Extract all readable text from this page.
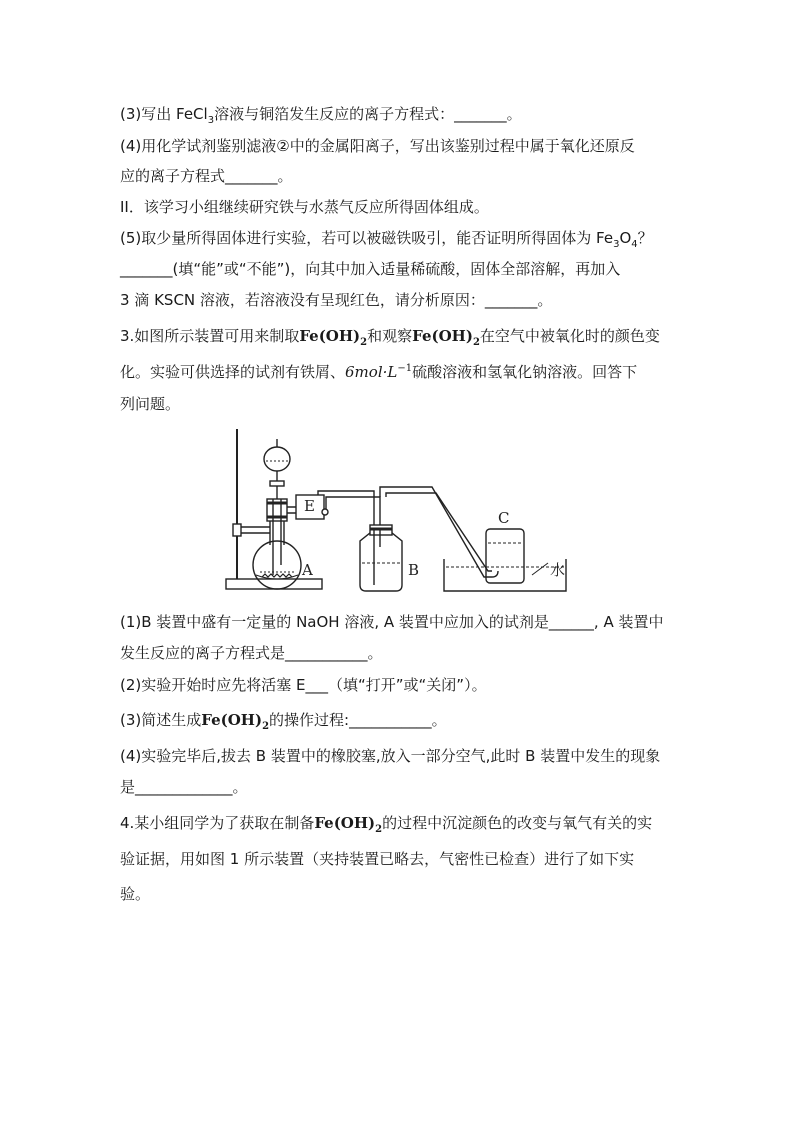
(3)写出 FeCl$_3$溶液与铜箔发生反应的离子方程式：_______。
(4)用化学试剂鉴别滤液②中的金属阳离子，写出该鉴别过程中属于氧化还原反
应的离子方程式_______。
II．该学习小组继续研究铁与水蒸气反应所得固体组成。
(5)取少量所得固体进行实验，若可以被磁铁吸引，能否证明所得固体为 $Fe_3O_4$？
_______(填“能”或“不能”)，向其中加入适量稀硫酸，固体全部溶解，再加入
3 滴 KSCN 溶液，若溶液没有呈现红色，请分析原因：_______。
3.如图所示装置可用来制取$Fe(OH)_2$和观察$Fe(OH)_2$在空气中被氧化时的颜色变
化。实验可供选择的试剂有铁屑、$6mol\cdot L^{-1}$硫酸溶液和氢氧化钠溶液。回答下
列问题。
E
A	B
C
水
(1)B 装置中盛有一定量的 NaOH 溶液, A 装置中应加入的试剂是______, A 装置中
发生反应的离子方程式是___________。
(2)实验开始时应先将活塞 E___（填“打开”或“关闭”）。
(3)简述生成$Fe(OH)_2$的操作过程:___________。
(4)实验完毕后,拔去 B 装置中的橡胶塞,放入一部分空气,此时 B 装置中发生的现象
是_____________。
4.某小组同学为了获取在制备$Fe(OH)_2$的过程中沉淀颜色的改变与氧气有关的实
验证据，用如图 1 所示装置（夹持装置已略去，气密性已检查）进行了如下实
验。
